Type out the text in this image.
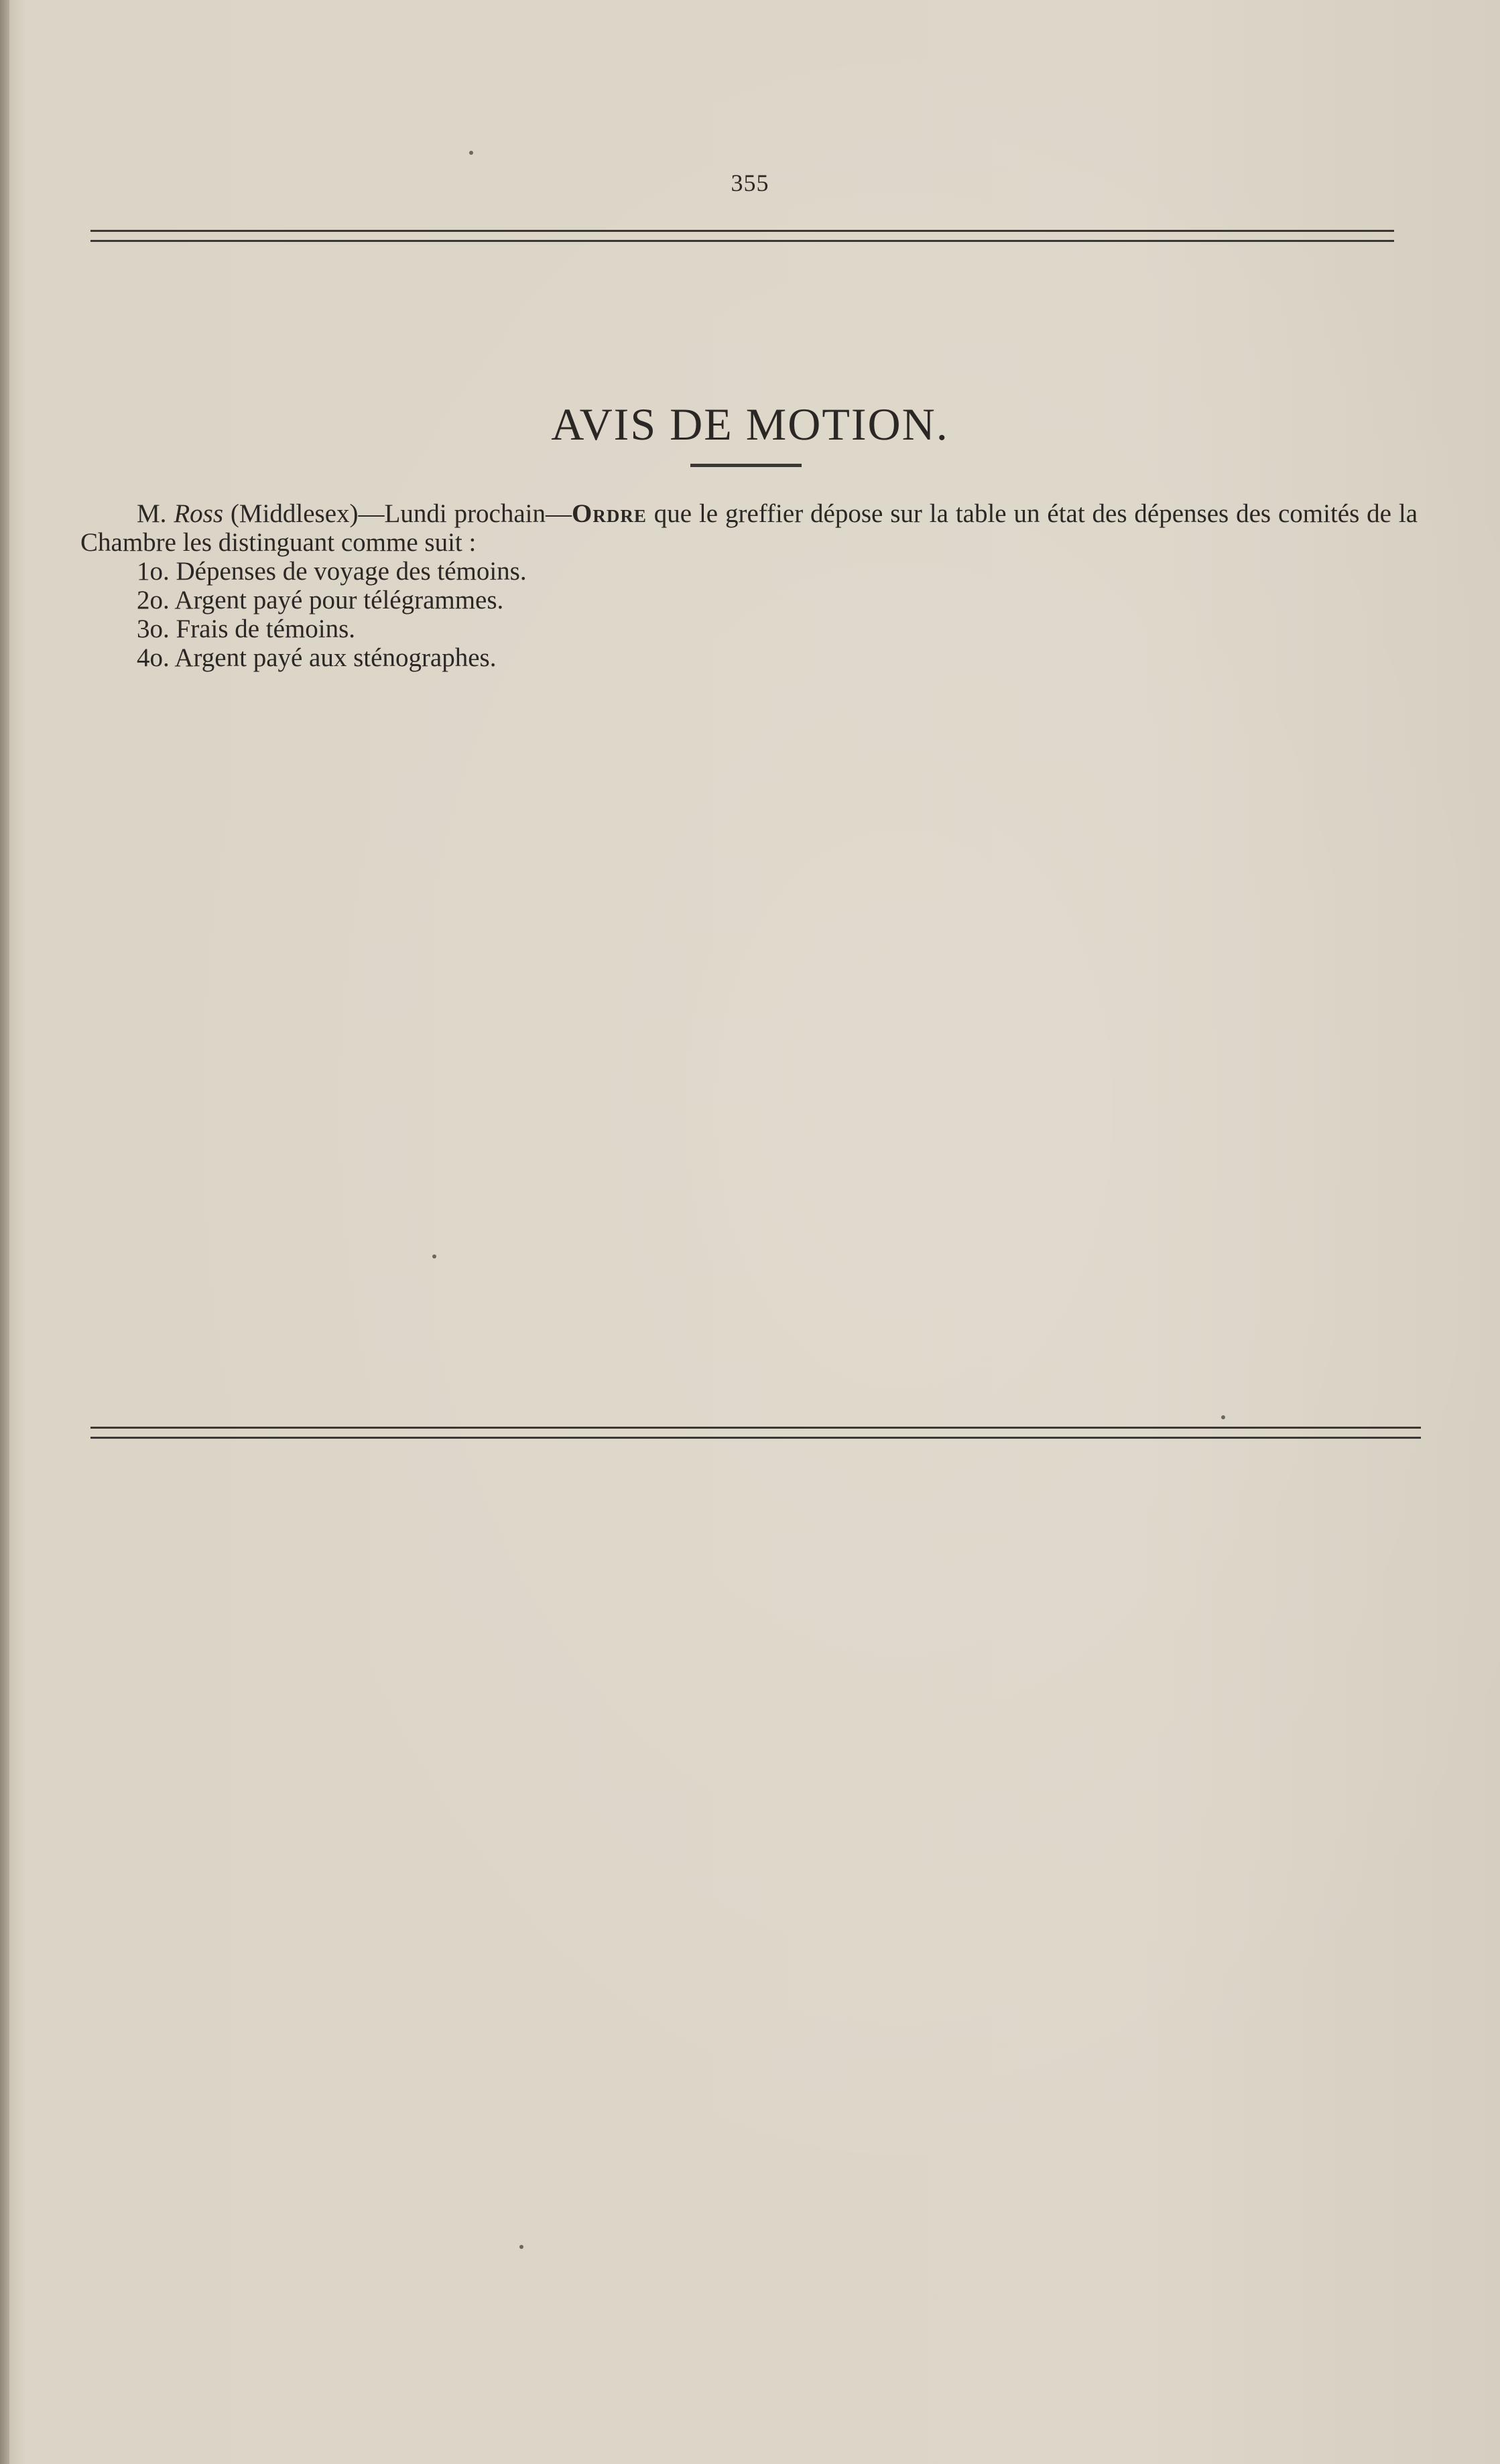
355
AVIS DE MOTION.

M. Ross (Middlesex)—Lundi prochain—Ordre que le greffier dépose sur la table un état des dépenses des comités de la Chambre les distinguant comme suit :

1o. Dépenses de voyage des témoins.
2o. Argent payé pour télégrammes.
3o. Frais de témoins.
4o. Argent payé aux sténographes.
